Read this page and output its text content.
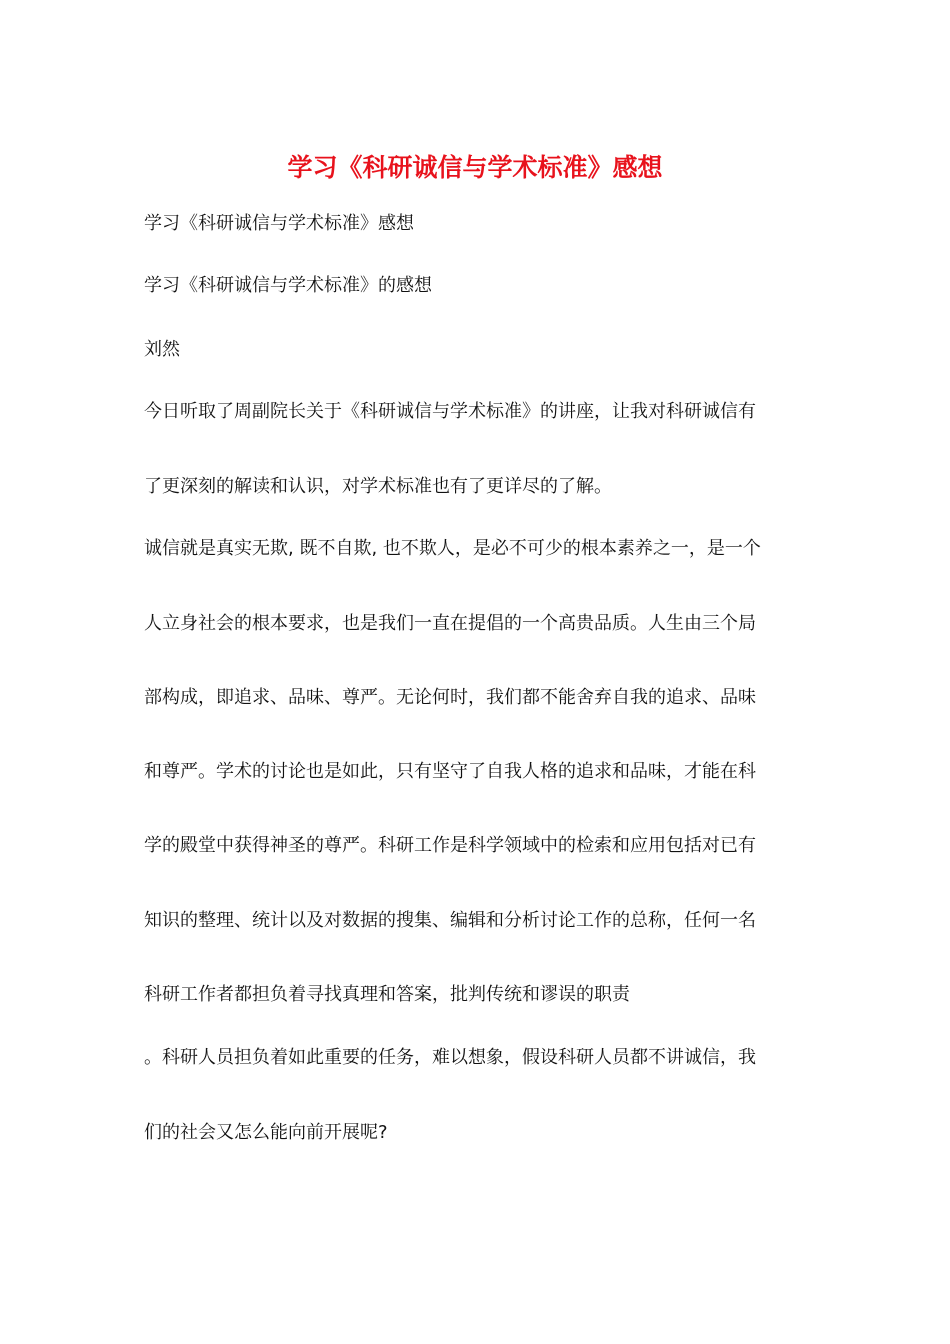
学习《科研诚信与学术标准》感想

学习《科研诚信与学术标准》感想

学习《科研诚信与学术标准》的感想

刘然

今日听取了周副院长关于《科研诚信与学术标准》的讲座，让我对科研诚信有

了更深刻的解读和认识，对学术标准也有了更详尽的了解。

诚信就是真实无欺, 既不自欺, 也不欺人，是必不可少的根本素养之一，是一个

人立身社会的根本要求，也是我们一直在提倡的一个高贵品质。人生由三个局

部构成，即追求、品味、尊严。无论何时，我们都不能舍弃自我的追求、品味

和尊严。学术的讨论也是如此，只有坚守了自我人格的追求和品味，才能在科

学的殿堂中获得神圣的尊严。科研工作是科学领域中的检索和应用包括对已有

知识的整理、统计以及对数据的搜集、编辑和分析讨论工作的总称，任何一名

科研工作者都担负着寻找真理和答案，批判传统和谬误的职责

。科研人员担负着如此重要的任务，难以想象，假设科研人员都不讲诚信，我

们的社会又怎么能向前开展呢?
